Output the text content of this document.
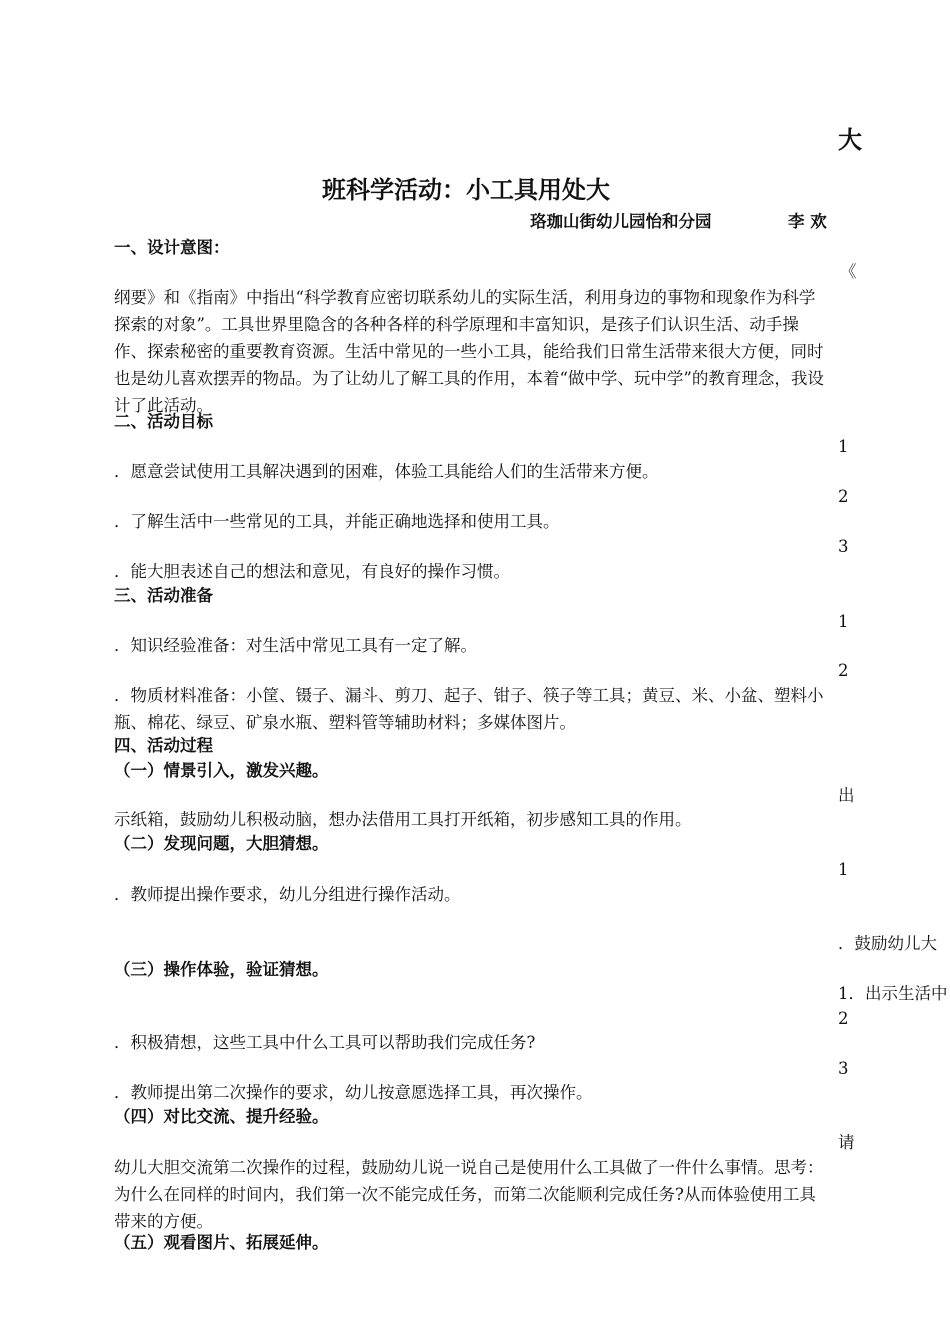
大
班科学活动：小工具用处大
珞珈山街幼儿园怡和分园	李 欢
一、设计意图：
《
纲要》和《指南》中指出“科学教育应密切联系幼儿的实际生活，利用身边的事物和现象作为科学探索的对象”。工具世界里隐含的各种各样的科学原理和丰富知识，是孩子们认识生活、动手操作、探索秘密的重要教育资源。生活中常见的一些小工具，能给我们日常生活带来很大方便，同时也是幼儿喜欢摆弄的物品。为了让幼儿了解工具的作用，本着“做中学、玩中学”的教育理念，我设计了此活动。
二、活动目标
1
．愿意尝试使用工具解决遇到的困难，体验工具能给人们的生活带来方便。
2
．了解生活中一些常见的工具，并能正确地选择和使用工具。
3
．能大胆表述自己的想法和意见，有良好的操作习惯。
三、活动准备
1
．知识经验准备：对生活中常见工具有一定了解。
2
．物质材料准备：小筐、镊子、漏斗、剪刀、起子、钳子、筷子等工具；黄豆、米、小盆、塑料小瓶、棉花、绿豆、矿泉水瓶、塑料管等辅助材料；多媒体图片。
四、活动过程
（一）情景引入，激发兴趣。
出
示纸箱，鼓励幼儿积极动脑，想办法借用工具打开纸箱，初步感知工具的作用。
（二）发现问题，大胆猜想。
1
．教师提出操作要求，幼儿分组进行操作活动。
．鼓励幼儿大
（三）操作体验，验证猜想。
1．出示生活中
2
．积极猜想，这些工具中什么工具可以帮助我们完成任务?
3
．教师提出第二次操作的要求，幼儿按意愿选择工具，再次操作。
（四）对比交流、提升经验。
请
幼儿大胆交流第二次操作的过程，鼓励幼儿说一说自己是使用什么工具做了一件什么事情。思考：为什么在同样的时间内，我们第一次不能完成任务，而第二次能顺利完成任务?从而体验使用工具带来的方便。
（五）观看图片、拓展延伸。
